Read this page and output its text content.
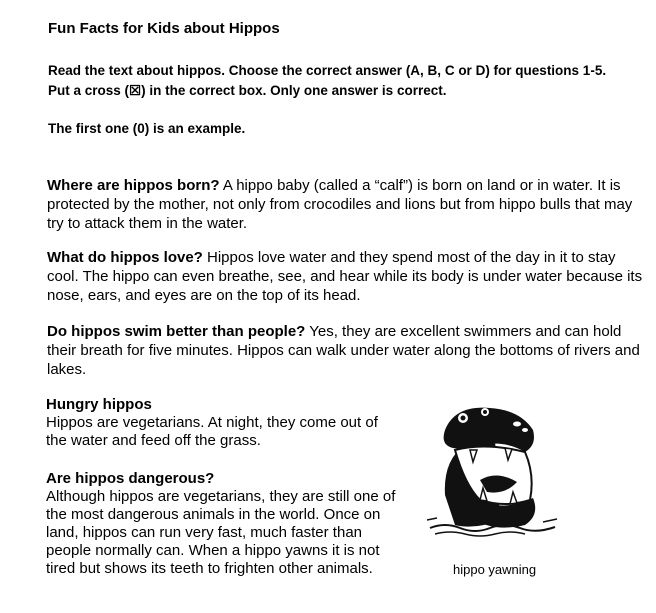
Fun Facts for Kids about Hippos

Read the text about hippos. Choose the correct answer (A, B, C or D) for questions 1-5. Put a cross (☒) in the correct box. Only one answer is correct.

The first one (0) is an example.

Where are hippos born? A hippo baby (called a “calf”) is born on land or in water. It is protected by the mother, not only from crocodiles and lions but from hippo bulls that may try to attack them in the water.

What do hippos love? Hippos love water and they spend most of the day in it to stay cool. The hippo can even breathe, see, and hear while its body is under water because its nose, ears, and eyes are on the top of its head.

Do hippos swim better than people? Yes, they are excellent swimmers and can hold their breath for five minutes. Hippos can walk under water along the bottoms of rivers and lakes.

Hungry hippos

Hippos are vegetarians. At night, they come out of the water and feed off the grass.

Are hippos dangerous?

Although hippos are vegetarians, they are still one of the most dangerous animals in the world. Once on land, hippos can run very fast, much faster than people normally can. When a hippo yawns it is not tired but shows its teeth to frighten other animals.	hippo yawning
